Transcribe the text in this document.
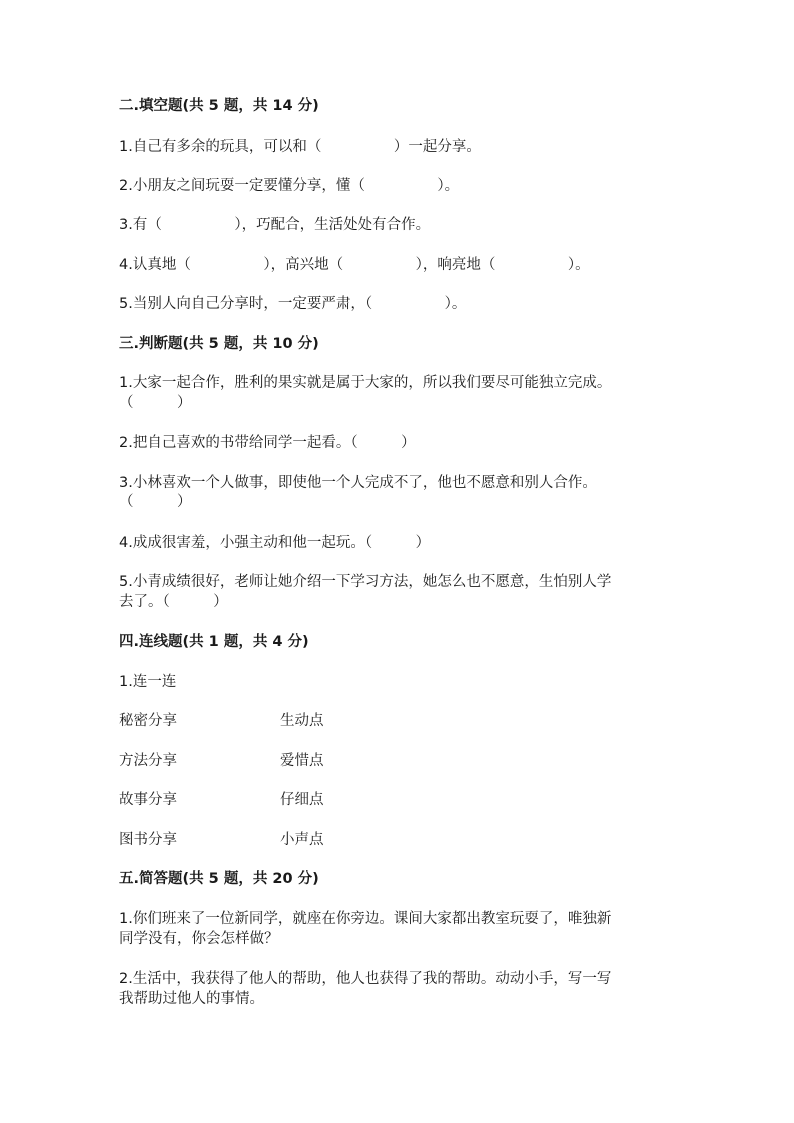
二.填空题(共 5 题，共 14 分)
1.自己有多余的玩具，可以和（　　　　　）一起分享。
2.小朋友之间玩耍一定要懂分享，懂（　　　　　）。
3.有（　　　　　），巧配合，生活处处有合作。
4.认真地（　　　　　），高兴地（　　　　　），响亮地（　　　　　）。
5.当别人向自己分享时，一定要严肃，（　　　　　）。
三.判断题(共 5 题，共 10 分)
1.大家一起合作，胜利的果实就是属于大家的，所以我们要尽可能独立完成。
（　　　）
2.把自己喜欢的书带给同学一起看。（　　　）
3.小林喜欢一个人做事，即使他一个人完成不了，他也不愿意和别人合作。
（　　　）
4.成成很害羞，小强主动和他一起玩。（　　　）
5.小青成绩很好，老师让她介绍一下学习方法，她怎么也不愿意，生怕别人学
去了。（　　　）
四.连线题(共 1 题，共 4 分)
1.连一连
秘密分享	生动点
方法分享	爱惜点
故事分享	仔细点
图书分享	小声点
五.简答题(共 5 题，共 20 分)
1.你们班来了一位新同学，就座在你旁边。课间大家都出教室玩耍了，唯独新
同学没有，你会怎样做？
2.生活中，我获得了他人的帮助，他人也获得了我的帮助。动动小手，写一写
我帮助过他人的事情。
